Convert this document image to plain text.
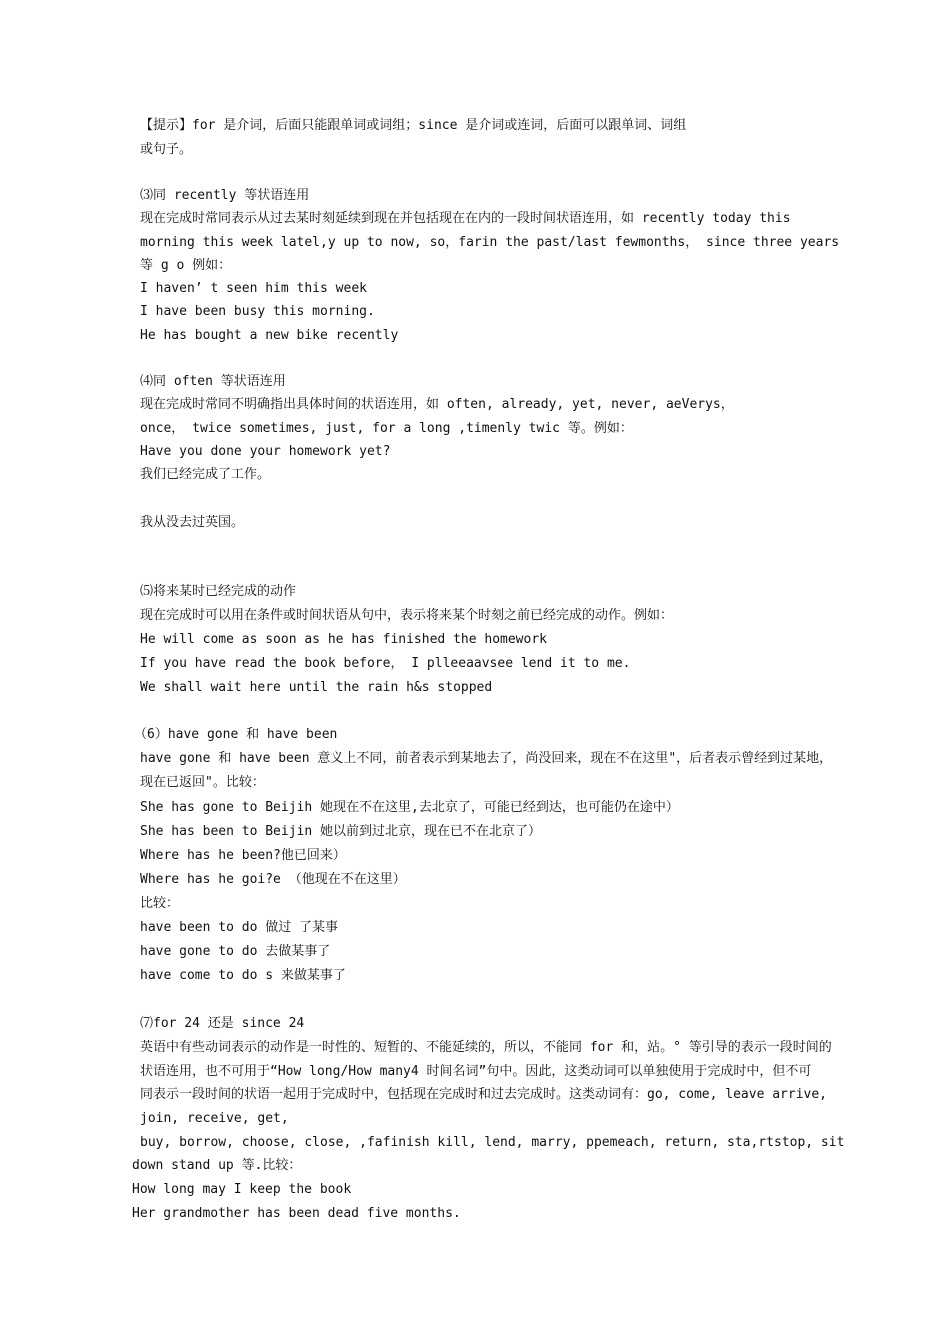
【提示】for 是介词，后面只能跟单词或词组；since 是介词或连词，后面可以跟单词、词组
或句子。
⑶同 recently 等状语连用
现在完成时常同表示从过去某时刻延续到现在并包括现在在内的一段时间状语连用，如 recently today this
morning this week latel,y up to now, so，farin the past/last fewmonths， since three years
等 g o 例如：
I haven’ t seen him this week
I have been busy this morning.
He has bought a new bike recently
⑷同 often 等状语连用
现在完成时常同不明确指出具体时间的状语连用，如 often, already, yet, never, aeVerys，
once， twice sometimes, just, for a long ,timenly twic 等。例如：
Have you done your homework yet?
我们已经完成了工作。
我从没去过英国。
⑸将来某时已经完成的动作
现在完成时可以用在条件或时间状语从句中，表示将来某个时刻之前已经完成的动作。例如：
He will come as soon as he has finished the homework
If you have read the book before， I plleeaavsee lend it to me.
We shall wait here until the rain h&s stopped
（6）have gone 和 have been
have gone 和 have been 意义上不同，前者表示到某地去了，尚没回来，现在不在这里"，后者表示曾经到过某地，
现在已返回"。比较：
She has gone to Beijih 她现在不在这里,去北京了，可能已经到达，也可能仍在途中）
She has been to Beijin 她以前到过北京，现在已不在北京了）
Where has he been?他已回来）
Where has he goi?e （他现在不在这里）
比较：
have been to do 做过 了某事
have gone to do 去做某事了
have come to do s 来做某事了
⑺for 24 还是 since 24
英语中有些动词表示的动作是一时性的、短暂的、不能延续的，所以，不能同 for 和，站。° 等引导的表示一段时间的
状语连用，也不可用于“How long/How many4 时间名词”句中。因此，这类动词可以单独使用于完成时中，但不可
同表示一段时间的状语一起用于完成时中，包括现在完成时和过去完成时。这类动词有：go, come, leave arrive,
join, receive, get,
buy, borrow, choose, close, ,fafinish kill, lend, marry, ppemeach, return, sta,rtstop, sit
down stand up 等.比较：
How long may I keep the book
Her grandmother has been dead five months.
